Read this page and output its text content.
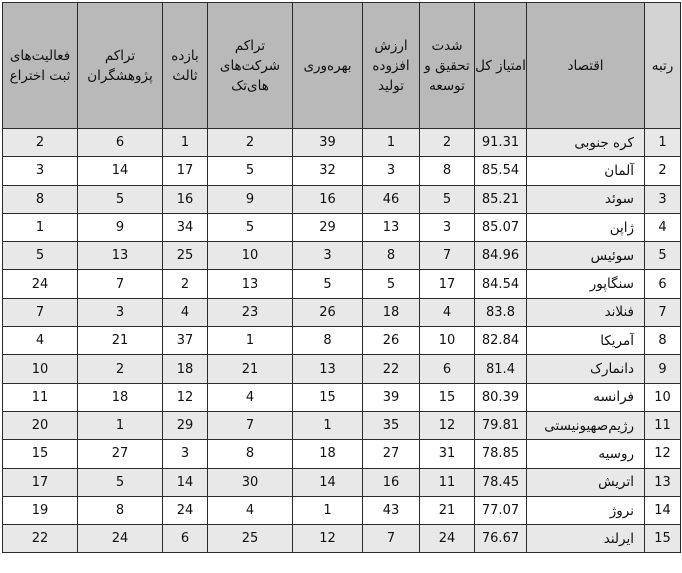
رتبه	اقتصاد	امتیاز کل	شدت تحقیق و توسعه	ارزش افزوده تولید	بهره‌وری	تراکم شرکت‌های های‌تک	بازده ثالث	تراکم پژوهشگران	فعالیت‌های ثبت اختراع
1	کره جنوبی	91.31	2	1	39	2	1	6	2
2	آلمان	85.54	8	3	32	5	17	14	3
3	سوئد	85.21	5	46	16	9	16	5	8
4	ژاپن	85.07	3	13	29	5	34	9	1
5	سوئیس	84.96	7	8	3	10	25	13	5
6	سنگاپور	84.54	17	5	5	13	2	7	24
7	فنلاند	83.8	4	18	26	23	4	3	7
8	آمریکا	82.84	10	26	8	1	37	21	4
9	دانمارک	81.4	6	22	13	21	18	2	10
10	فرانسه	80.39	15	39	15	4	12	18	11
11	رژیم‌صهیونیستی	79.81	12	35	1	7	29	1	20
12	روسیه	78.85	31	27	18	8	3	27	15
13	اتریش	78.45	11	16	14	30	14	5	17
14	نروژ	77.07	21	43	1	4	24	8	19
15	ایرلند	76.67	24	7	12	25	6	24	22
